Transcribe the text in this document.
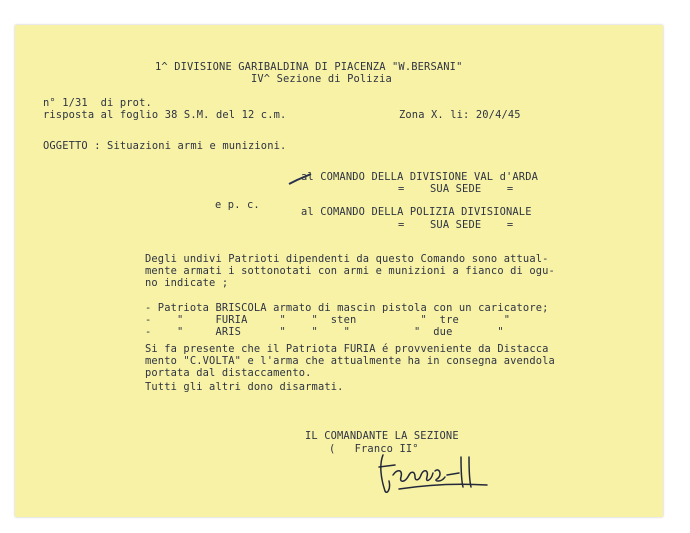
1^ DIVISIONE GARIBALDINA DI PIACENZA "W.BERSANI"
IV^ Sezione di Polizia
n° 1/31  di prot.
risposta al foglio 38 S.M. del 12 c.m.	Zona X. li: 20/4/45
OGGETTO : Situazioni armi e munizioni.
al COMANDO DELLA DIVISIONE VAL d'ARDA
=    SUA SEDE    =
e p. c.
al COMANDO DELLA POLIZIA DIVISIONALE
=    SUA SEDE    =
Degli undivi Patrioti dipendenti da questo Comando sono attual-
mente armati i sottonotati con armi e munizioni a fianco di ogu-
no indicate ;
- Patriota BRISCOLA armato di mascin pistola con un caricatore;
-    "     FURIA     "    "  sten          "  tre       "
-    "     ARIS      "    "    "          "  due       "
Si fa presente che il Patriota FURIA é provveniente da Distacca
mento "C.VOLTA" e l'arma che attualmente ha in consegna avendola
portata dal distaccamento.
Tutti gli altri dono disarmati.
IL COMANDANTE LA SEZIONE
(   Franco II°
